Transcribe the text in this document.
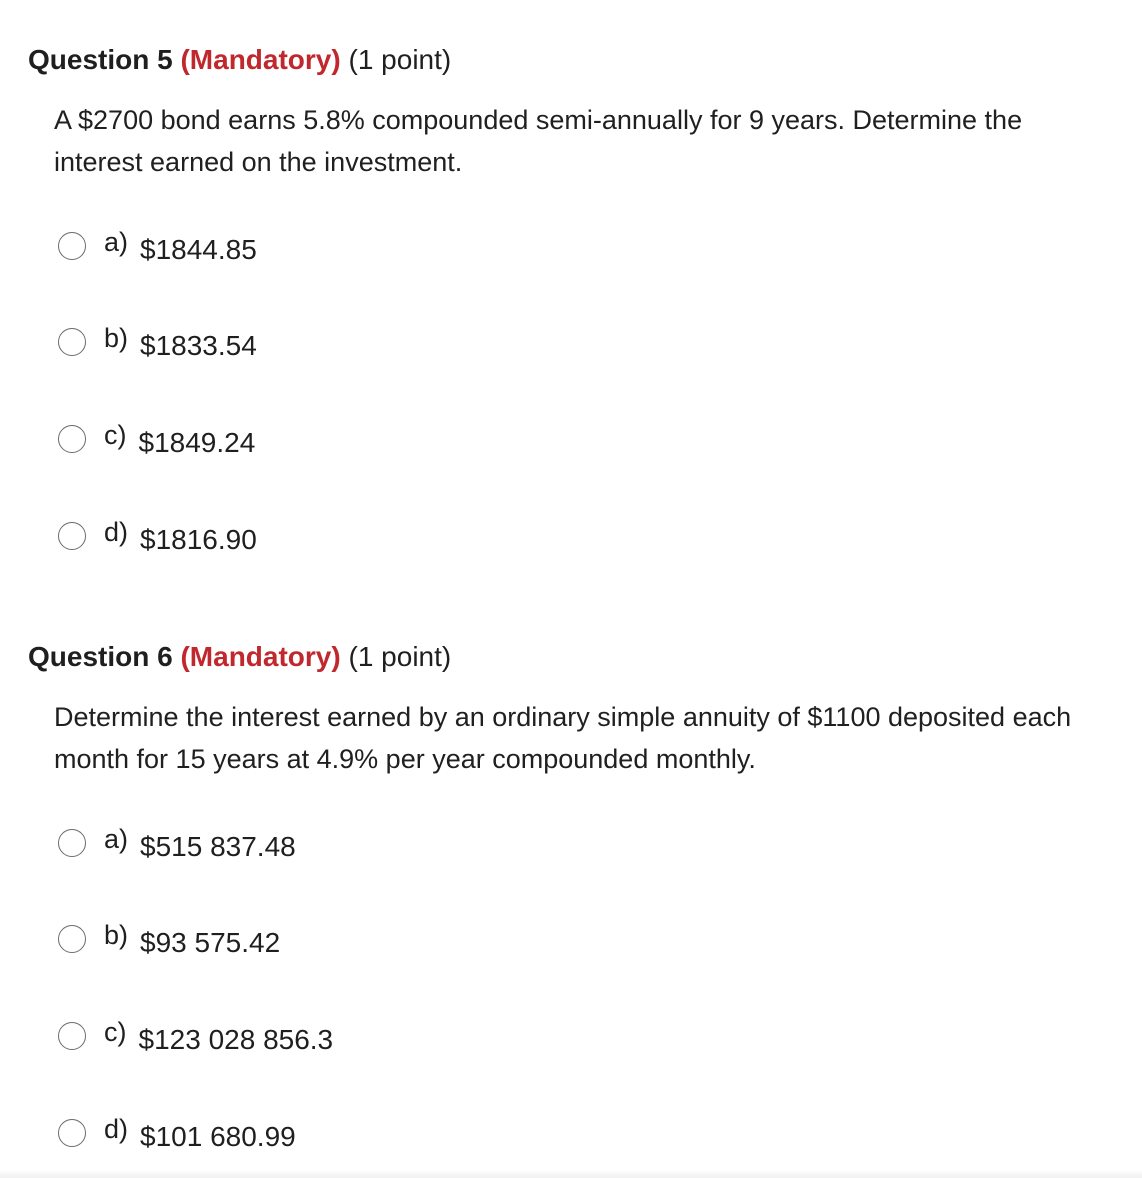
Question 5 (Mandatory) (1 point)
A $2700 bond earns 5.8% compounded semi-annually for 9 years. Determine the interest earned on the investment.
a) $1844.85
b) $1833.54
c) $1849.24
d) $1816.90
Question 6 (Mandatory) (1 point)
Determine the interest earned by an ordinary simple annuity of $1100 deposited each month for 15 years at 4.9% per year compounded monthly.
a) $515 837.48
b) $93 575.42
c) $123 028 856.3
d) $101 680.99
